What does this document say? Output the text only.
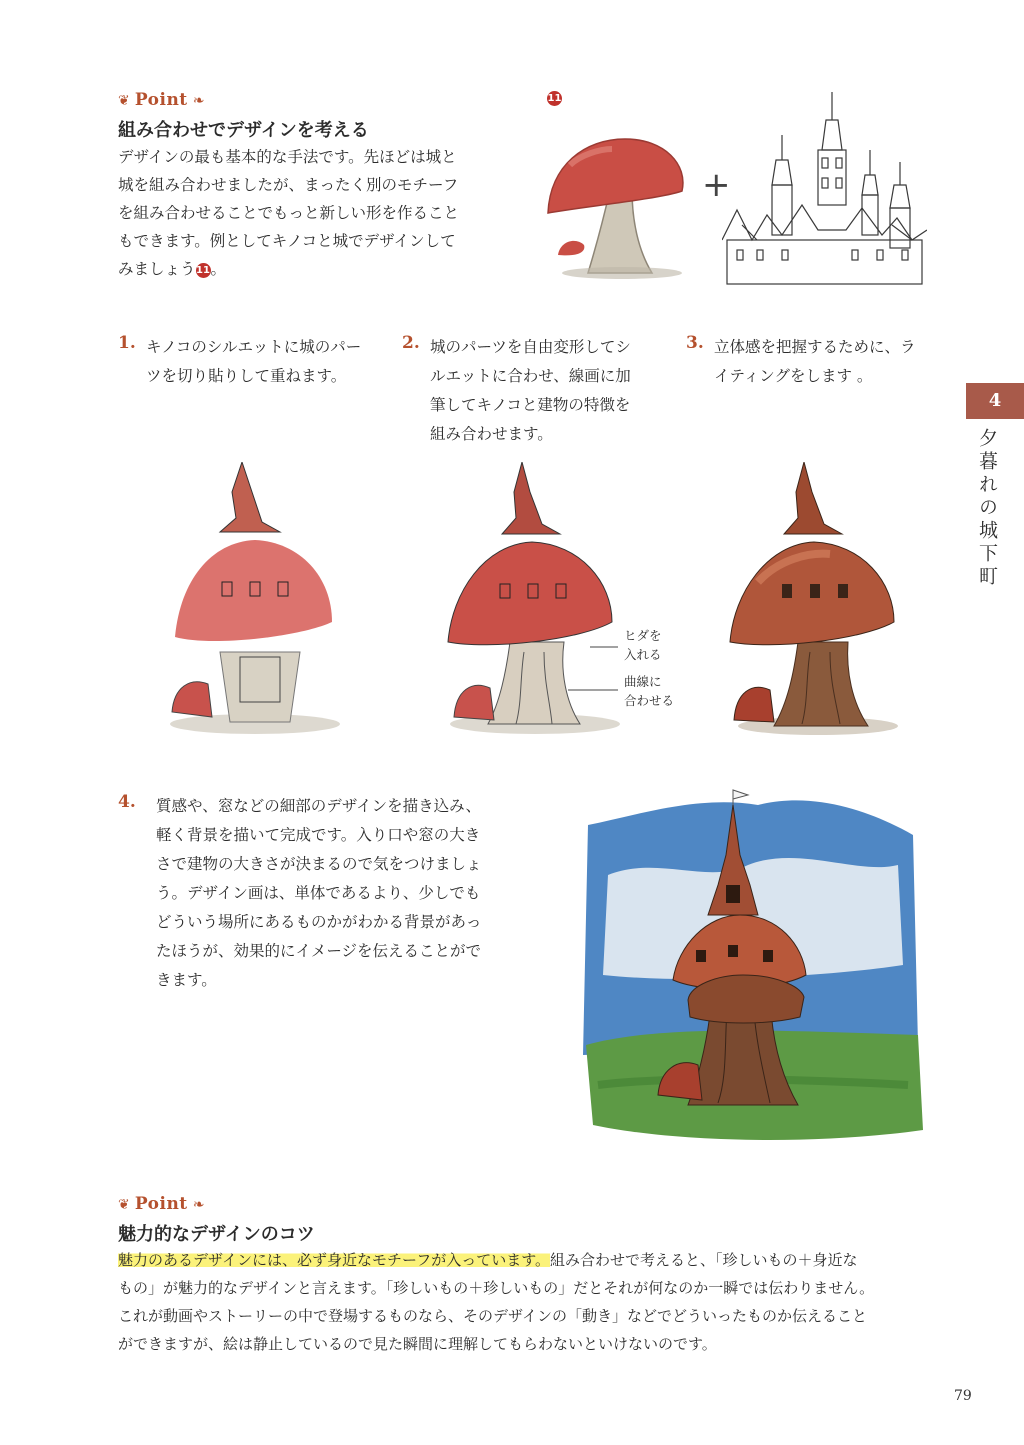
❦ Point ❧
組み合わせでデザインを考える
デザインの最も基本的な手法です。先ほどは城と
城を組み合わせましたが、まったく別のモチーフ
を組み合わせることでもっと新しい形を作ること
もできます。例としてキノコと城でデザインして
みましょう11。
11
+
1. キノコのシルエットに城のパー
ツを切り貼りして重ねます。
2. 城のパーツを自由変形してシ
ルエットに合わせ、線画に加
筆してキノコと建物の特徴を
組み合わせます。
3. 立体感を把握するために、ラ
イティングをします 。
4
夕暮れの城下町
ヒダを
入れる
曲線に
合わせる
4. 質感や、窓などの細部のデザインを描き込み、
軽く背景を描いて完成です。入り口や窓の大き
さで建物の大きさが決まるので気をつけましょ
う。デザイン画は、単体であるより、少しでも
どういう場所にあるものかがわかる背景があっ
たほうが、効果的にイメージを伝えることがで
きます。
❦ Point ❧
魅力的なデザインのコツ
魅力のあるデザインには、必ず身近なモチーフが入っています。組み合わせで考えると、「珍しいもの＋身近な
もの」が魅力的なデザインと言えます。「珍しいもの＋珍しいもの」だとそれが何なのか一瞬では伝わりません。
これが動画やストーリーの中で登場するものなら、そのデザインの「動き」などでどういったものか伝えること
ができますが、絵は静止しているので見た瞬間に理解してもらわないといけないのです。
79
